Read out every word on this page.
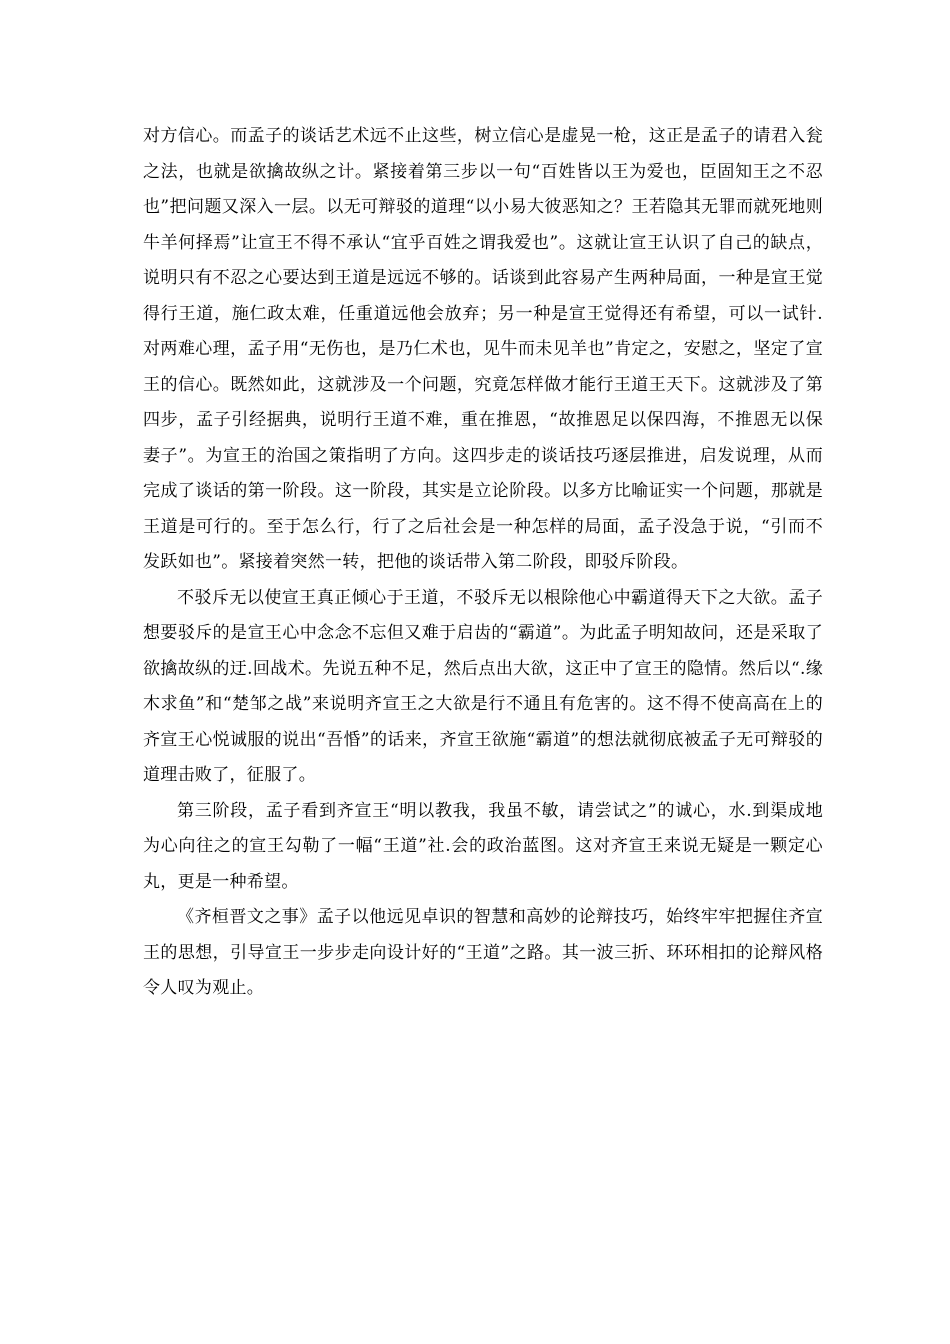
对方信心。而孟子的谈话艺术远不止这些，树立信心是虚晃一枪，这正是孟子的请君入瓮之法，也就是欲擒故纵之计。紧接着第三步以一句“百姓皆以王为爱也，臣固知王之不忍也”把问题又深入一层。以无可辩驳的道理“以小易大彼恶知之？王若隐其无罪而就死地则牛羊何择焉”让宣王不得不承认“宜乎百姓之谓我爱也”。这就让宣王认识了自己的缺点，说明只有不忍之心要达到王道是远远不够的。话谈到此容易产生两种局面，一种是宣王觉得行王道，施仁政太难，任重道远他会放弃；另一种是宣王觉得还有希望，可以一试针.对两难心理，孟子用“无伤也，是乃仁术也，见牛而未见羊也”肯定之，安慰之，坚定了宣王的信心。既然如此，这就涉及一个问题，究竟怎样做才能行王道王天下。这就涉及了第四步，孟子引经据典，说明行王道不难，重在推恩，“故推恩足以保四海，不推恩无以保妻子”。为宣王的治国之策指明了方向。这四步走的谈话技巧逐层推进，启发说理，从而完成了谈话的第一阶段。这一阶段，其实是立论阶段。以多方比喻证实一个问题，那就是王道是可行的。至于怎么行，行了之后社会是一种怎样的局面，孟子没急于说，“引而不发跃如也”。紧接着突然一转，把他的谈话带入第二阶段，即驳斥阶段。

不驳斥无以使宣王真正倾心于王道，不驳斥无以根除他心中霸道得天下之大欲。孟子想要驳斥的是宣王心中念念不忘但又难于启齿的“霸道”。为此孟子明知故问，还是采取了欲擒故纵的迂.回战术。先说五种不足，然后点出大欲，这正中了宣王的隐情。然后以“.缘木求鱼”和“楚邹之战”来说明齐宣王之大欲是行不通且有危害的。这不得不使高高在上的齐宣王心悦诚服的说出“吾惛”的话来，齐宣王欲施“霸道”的想法就彻底被孟子无可辩驳的道理击败了，征服了。

第三阶段，孟子看到齐宣王“明以教我，我虽不敏，请尝试之”的诚心，水.到渠成地为心向往之的宣王勾勒了一幅“王道”社.会的政治蓝图。这对齐宣王来说无疑是一颗定心丸，更是一种希望。

《齐桓晋文之事》孟子以他远见卓识的智慧和高妙的论辩技巧，始终牢牢把握住齐宣王的思想，引导宣王一步步走向设计好的“王道”之路。其一波三折、环环相扣的论辩风格令人叹为观止。
